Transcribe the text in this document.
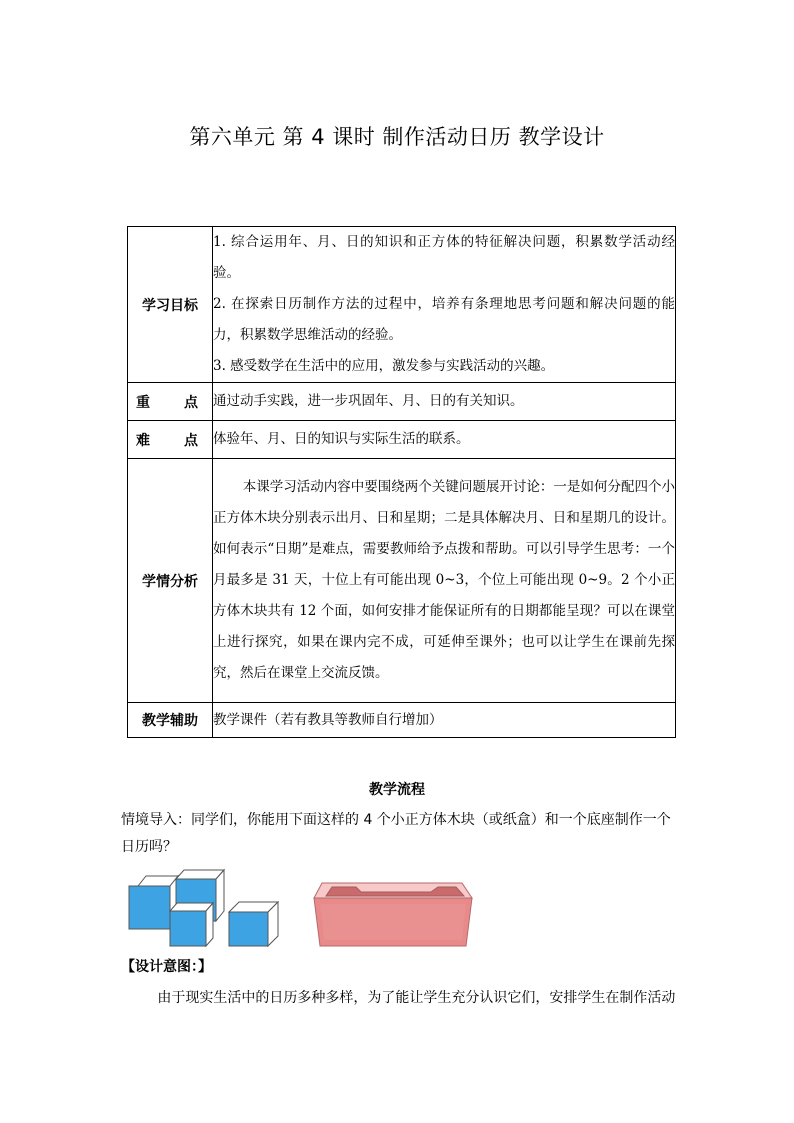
第六单元 第 4 课时 制作活动日历 教学设计
学习目标	1. 综合运用年、月、日的知识和正方体的特征解决问题，积累数学活动经验。

2. 在探索日历制作方法的过程中，培养有条理地思考问题和解决问题的能力，积累数学思维活动的经验。

3. 感受数学在生活中的应用，激发参与实践活动的兴趣。

重点	通过动手实践，进一步巩固年、月、日的有关知识。
难点	体验年、月、日的知识与实际生活的联系。
学情分析	本课学习活动内容中要围绕两个关键问题展开讨论：一是如何分配四个小正方体木块分别表示出月、日和星期；二是具体解决月、日和星期几的设计。如何表示“日期”是难点，需要教师给予点拨和帮助。可以引导学生思考：一个月最多是 31 天，十位上有可能出现 0~3，个位上可能出现 0~9。2 个小正方体木块共有 12 个面，如何安排才能保证所有的日期都能呈现？可以在课堂上进行探究，如果在课内完不成，可延伸至课外；也可以让学生在课前先探究，然后在课堂上交流反馈。

教学辅助	教学课件（若有教具等教师自行增加）
教学流程
情境导入：同学们，你能用下面这样的 4 个小正方体木块（或纸盒）和一个底座制作一个日历吗？
【设计意图：】
由于现实生活中的日历多种多样，为了能让学生充分认识它们，安排学生在制作活动
